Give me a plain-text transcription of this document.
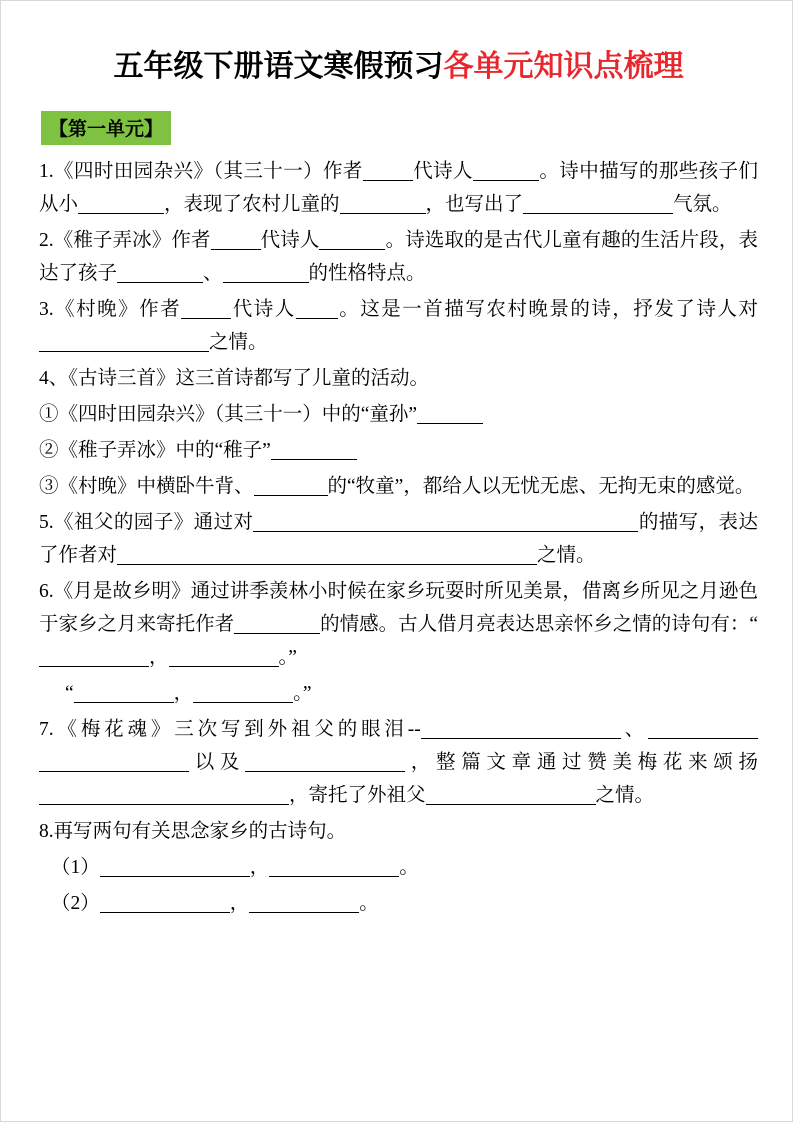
五年级下册语文寒假预习各单元知识点梳理
【第一单元】

1.《四时田园杂兴》（其三十一）作者	代诗人	。诗中描写的那些孩子们从小	，表现了农村儿童的	，也写出了	气氛。

2.《稚子弄冰》作者	代诗人	。诗选取的是古代儿童有趣的生活片段，表达了孩子	、	的性格特点。

3.《村晚》作者	代诗人 。这是一首描写农村晚景的诗，抒发了诗人对之情。

4、《古诗三首》这三首诗都写了儿童的活动。

①《四时田园杂兴》（其三十一）中的“童孙”

②《稚子弄冰》中的“稚子”

③《村晚》中横卧牛背、	的“牧童”，都给人以无忧无虑、无拘无束的感觉。

5.《祖父的园子》通过对	的描写，表达了作者对	之情。

6.《月是故乡明》通过讲季羡林小时候在家乡玩耍时所见美景，借离乡所见之月逊色于家乡之月来寄托作者	的情感。古人借月亮表达思亲怀乡之情的诗句有：“，	。”

“	，	。”

7.《梅花魂》三次写到外祖父的眼泪--	、以及	，整篇文章通过赞美梅花来颂扬，寄托了外祖父	之情。

8.再写两句有关思念家乡的古诗句。

（1）	，	。

（2）	，	。
